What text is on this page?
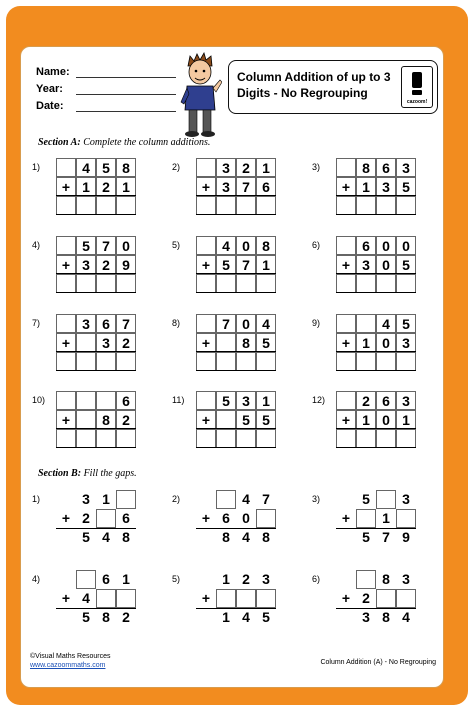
Name:
Year:
Date:
Column Addition of up to 3 Digits - No Regrouping
cazoom!
Section A: Complete the column additions.
Section B: Fill the gaps.
1)
+
4
1
5
2
8
1
2)
+
3
3
2
7
1
6
3)
+
8
1
6
3
3
5
4)
+
5
3
7
2
0
9
5)
+
4
5
0
7
8
1
6)
+
6
3
0
0
0
5
7)
+
3 6
3
7
2
8)
+
7 0
8
4
5
9)
+ 1
4
0
5
3
10)
+	8
6
2
11)
+
5 3
5
1
5
12)
+
2
1
6
0
3
1
1)
+
3
2
5
1
4
6
8
2)
+ 6
8
4
0
4
7
8
3)
+
5
5
1
7
3
9
4)
+ 4
5
6
8
1
2
5)
+
1
1
2
4
3
5
6)
+ 2
3
8
8
3
4
©Visual Maths Resources
www.cazoommaths.com	Column Addition (A) - No Regrouping
